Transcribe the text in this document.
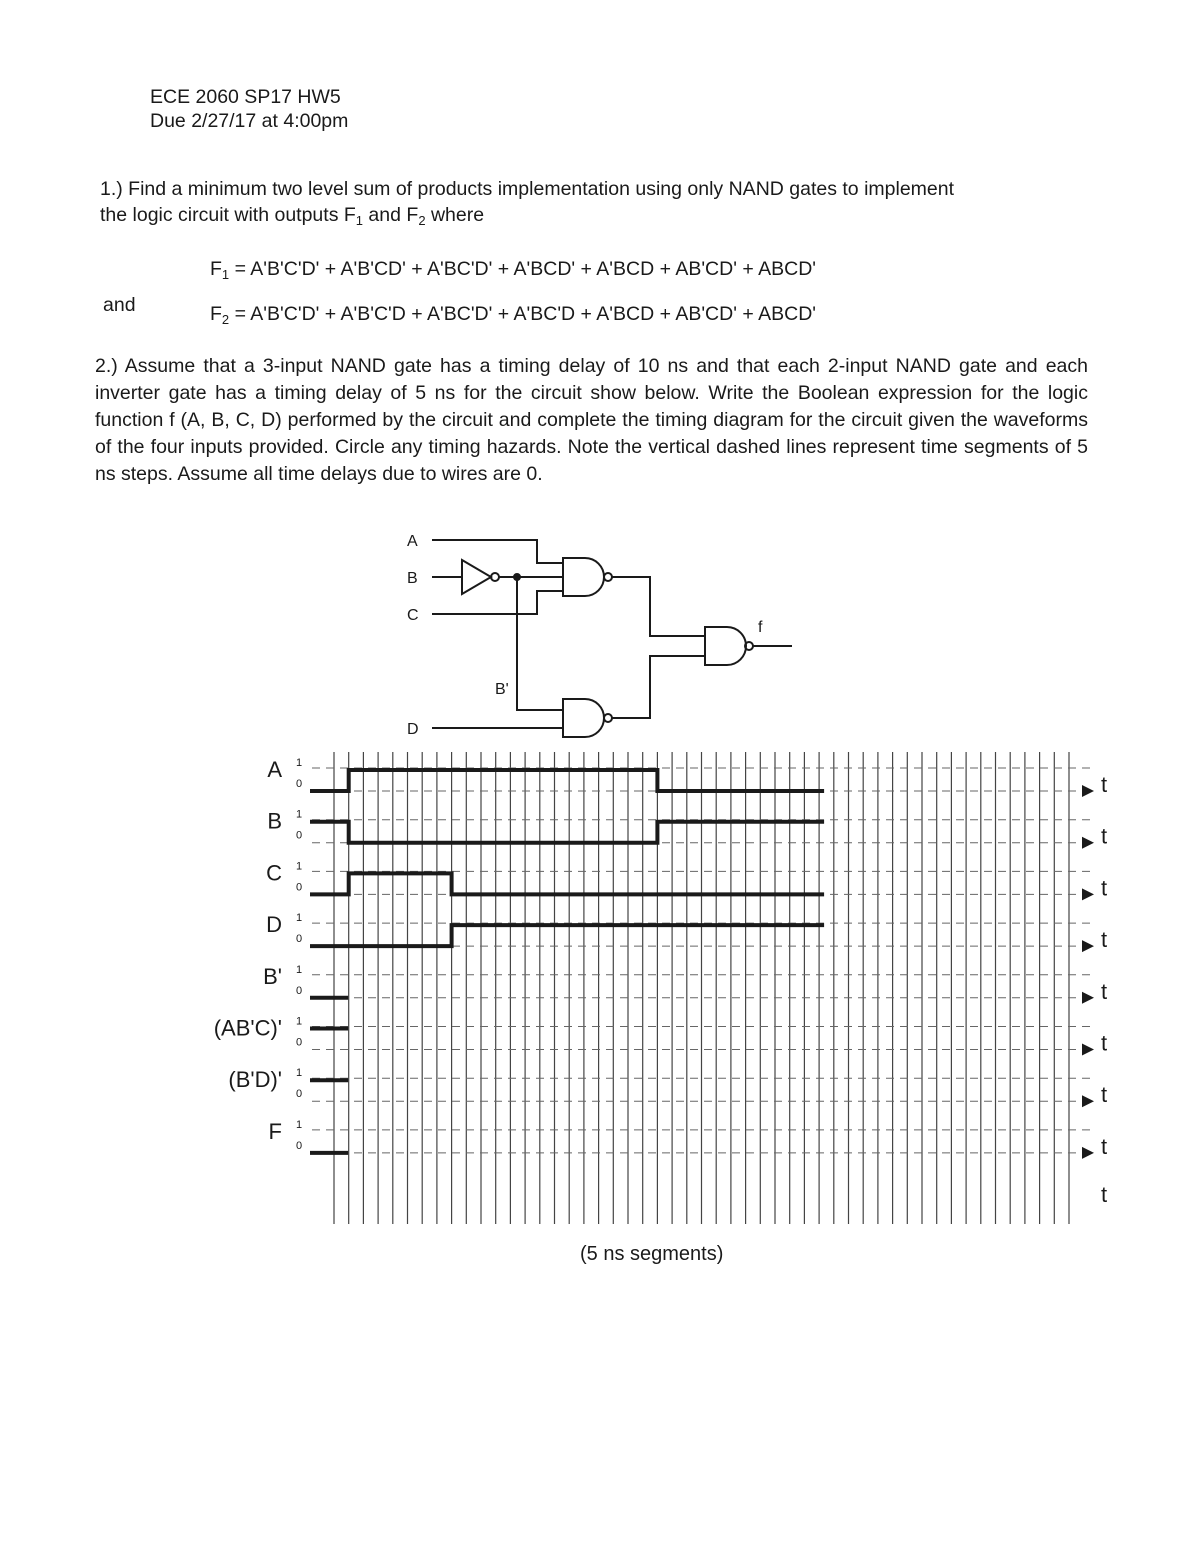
ECE 2060 SP17 HW5
Due 2/27/17 at 4:00pm
1.) Find a minimum two level sum of products implementation using only NAND gates to implement
the logic circuit with outputs $F_1$ and $F_2$ where
$F_1 = A'B'C'D' + A'B'CD' + A'BC'D' + A'BCD' + A'BCD + AB'CD'$ + ABCD'
and	$F_2 = A'B'C'D' + A'B'C'D + A'BC'D' + A'BC'D + A'BCD + AB'CD'$ + ABCD'
2.) Assume that a 3-input NAND gate has a timing delay of 10 ns and that each 2-input NAND gate and each inverter gate has a timing delay of 5 ns for the circuit show below. Write the Boolean expression for the logic function f (A, B, C, D) performed by the circuit and complete the timing diagram for the circuit given the waveforms of the four inputs provided. Circle any timing hazards. Note the vertical dashed lines represent time segments of 5 ns steps. Assume all time delays due to wires are 0.
A
B
C
D
B'
f
A 1
0	t
B 1
0	t
C 1
0	t
D 1
0	t
B' 1
0	t
(AB'C)' 1
0	t
(B'D)' 1
0	t
F 1
0	t
t
(5 ns segments)
